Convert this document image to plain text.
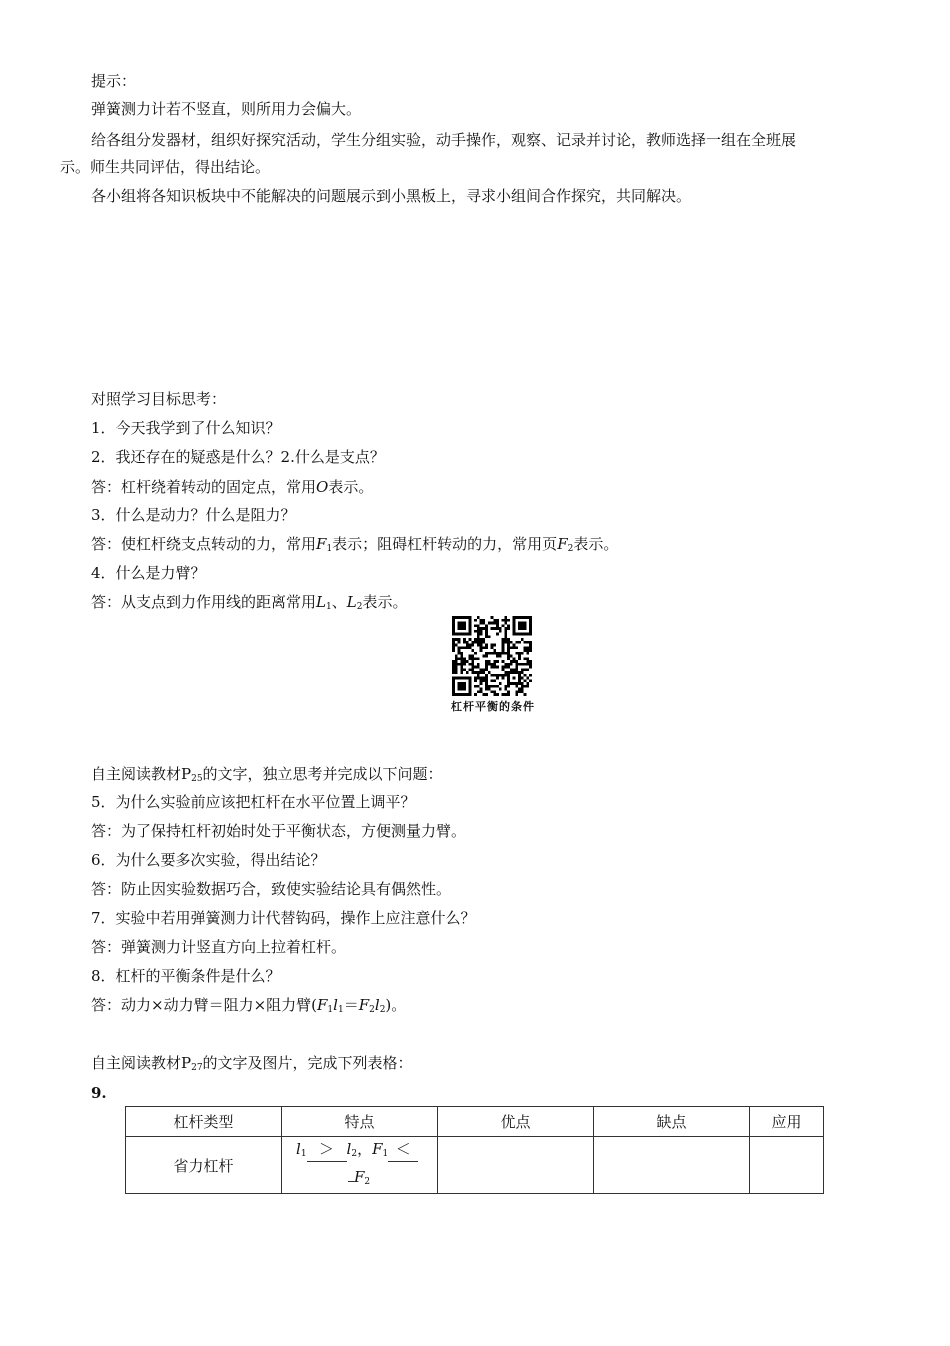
提示：
弹簧测力计若不竖直，则所用力会偏大。
给各组分发器材，组织好探究活动，学生分组实验，动手操作，观察、记录并讨论，教师选择一组在全班展
示。师生共同评估，得出结论。
各小组将各知识板块中不能解决的问题展示到小黑板上，寻求小组间合作探究，共同解决。
对照学习目标思考：
1．今天我学到了什么知识？
2．我还存在的疑惑是什么？2.什么是支点？
答：杠杆绕着转动的固定点，常用O表示。
3．什么是动力？什么是阻力？
答：使杠杆绕支点转动的力，常用$F_1$表示；阻碍杠杆转动的力，常用页$F_2$表示。
4．什么是力臂？
答：从支点到力作用线的距离常用$L_1$、$L_2$表示。
杠杆平衡的条件
自主阅读教材$P_{25}$的文字，独立思考并完成以下问题：
5．为什么实验前应该把杠杆在水平位置上调平？
答：为了保持杠杆初始时处于平衡状态，方便测量力臂。
6．为什么要多次实验，得出结论？
答：防止因实验数据巧合，致使实验结论具有偶然性。
7．实验中若用弹簧测力计代替钩码，操作上应注意什么？
答：弹簧测力计竖直方向上拉着杠杆。
8．杠杆的平衡条件是什么？
答：动力×动力臂＝阻力×阻力臂$(F_1l_1=F_2l_2)$。
自主阅读教材$P_{27}$的文字及图片，完成下列表格：
9.
杠杆类型	特点	优点	缺点	应用
省力杠杆	$l_1 > l_2$，$F_1$ ＜
$F_2$
